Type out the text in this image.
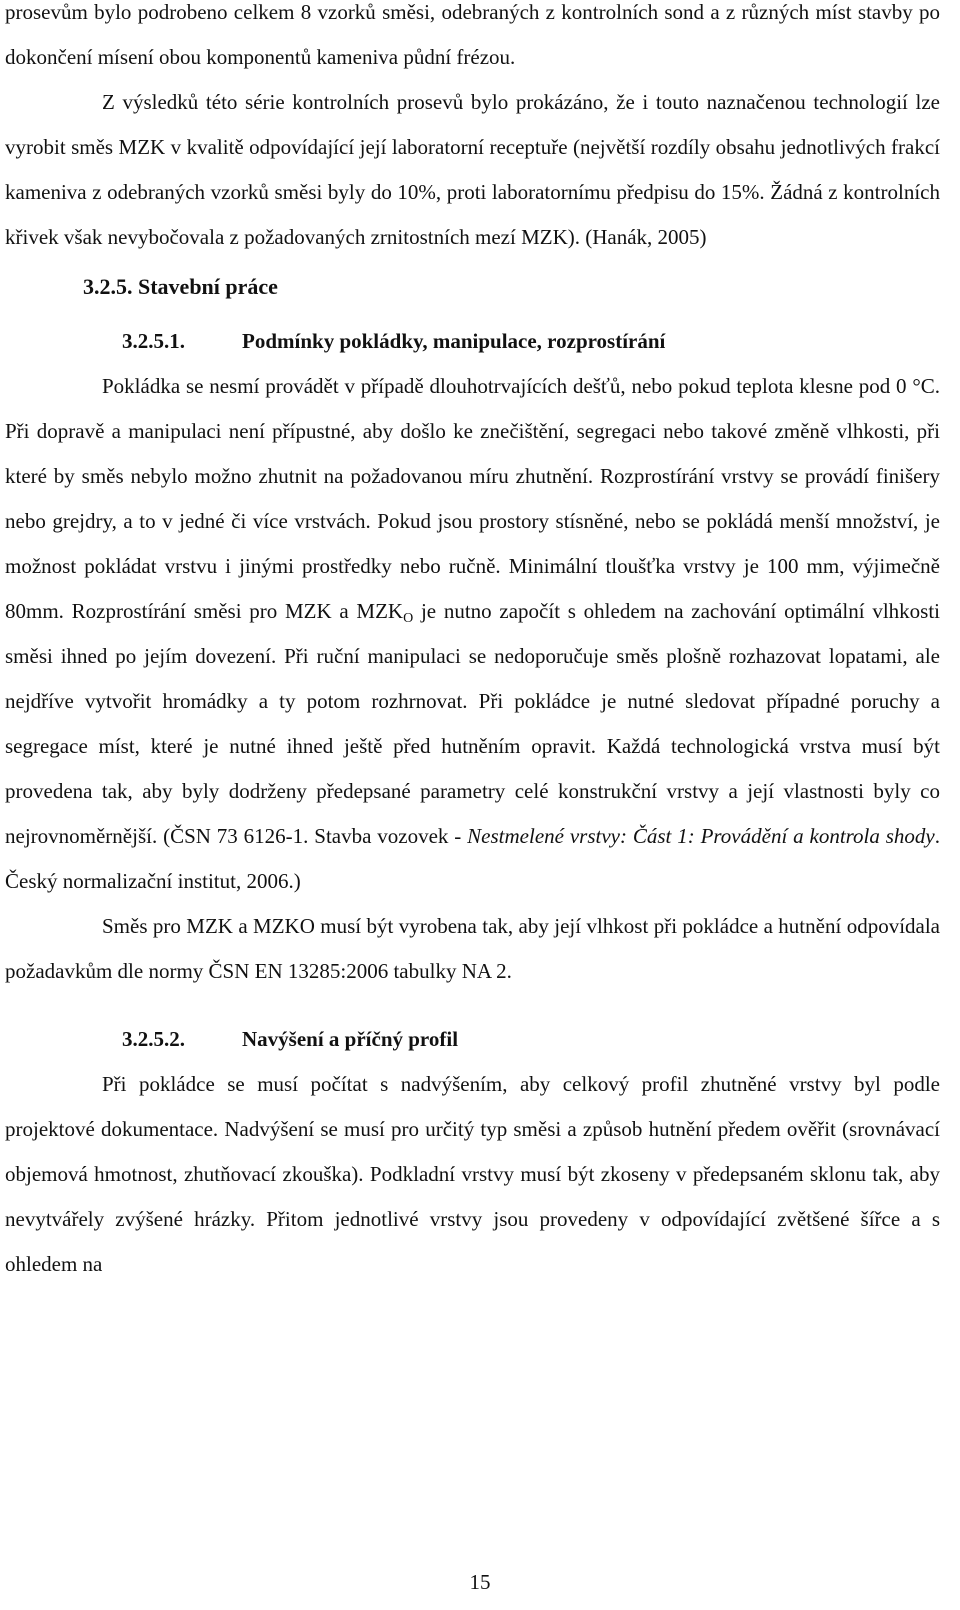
prosevům bylo podrobeno celkem 8 vzorků směsi, odebraných z kontrolních sond a z různých míst stavby po dokončení mísení obou komponentů kameniva půdní frézou.

Z výsledků této série kontrolních prosevů bylo prokázáno, že i touto naznačenou technologií lze vyrobit směs MZK v kvalitě odpovídající její laboratorní receptuře (největší rozdíly obsahu jednotlivých frakcí kameniva z odebraných vzorků směsi byly do 10%, proti laboratornímu předpisu do 15%. Žádná z kontrolních křivek však nevybočovala z požadovaných zrnitostních mezí MZK). (Hanák, 2005)

3.2.5. Stavební práce
3.2.5.1.	Podmínky pokládky, manipulace, rozprostírání

Pokládka se nesmí provádět v případě dlouhotrvajících dešťů, nebo pokud teplota klesne pod 0 °C. Při dopravě a manipulaci není přípustné, aby došlo ke znečištění, segregaci nebo takové změně vlhkosti, při které by směs nebylo možno zhutnit na požadovanou míru zhutnění. Rozprostírání vrstvy se provádí finišery nebo grejdry, a to v jedné či více vrstvách. Pokud jsou prostory stísněné, nebo se pokládá menší množství, je možnost pokládat vrstvu i jinými prostředky nebo ručně. Minimální tloušťka vrstvy je 100 mm, výjimečně 80mm. Rozprostírání směsi pro MZK a $MZK_O$ je nutno započít s ohledem na zachování optimální vlhkosti směsi ihned po jejím dovezení. Při ruční manipulaci se nedoporučuje směs plošně rozhazovat lopatami, ale nejdříve vytvořit hromádky a ty potom rozhrnovat. Při pokládce je nutné sledovat případné poruchy a segregace míst, které je nutné ihned ještě před hutněním opravit. Každá technologická vrstva musí být provedena tak, aby byly dodrženy předepsané parametry celé konstrukční vrstvy a její vlastnosti byly co nejrovnoměrnější. (ČSN 73 6126-1. Stavba vozovek - Nestmelené vrstvy: Část 1: Provádění a kontrola shody. Český normalizační institut, 2006.)

Směs pro MZK a MZKO musí být vyrobena tak, aby její vlhkost při pokládce a hutnění odpovídala požadavkům dle normy ČSN EN 13285:2006 tabulky NA 2.

3.2.5.2.	Navýšení a příčný profil

Při pokládce se musí počítat s nadvýšením, aby celkový profil zhutněné vrstvy byl podle projektové dokumentace. Nadvýšení se musí pro určitý typ směsi a způsob hutnění předem ověřit (srovnávací objemová hmotnost, zhutňovací zkouška). Podkladní vrstvy musí být zkoseny v předepsaném sklonu tak, aby nevytvářely zvýšené hrázky. Přitom jednotlivé vrstvy jsou provedeny v odpovídající zvětšené šířce a s ohledem na

15
